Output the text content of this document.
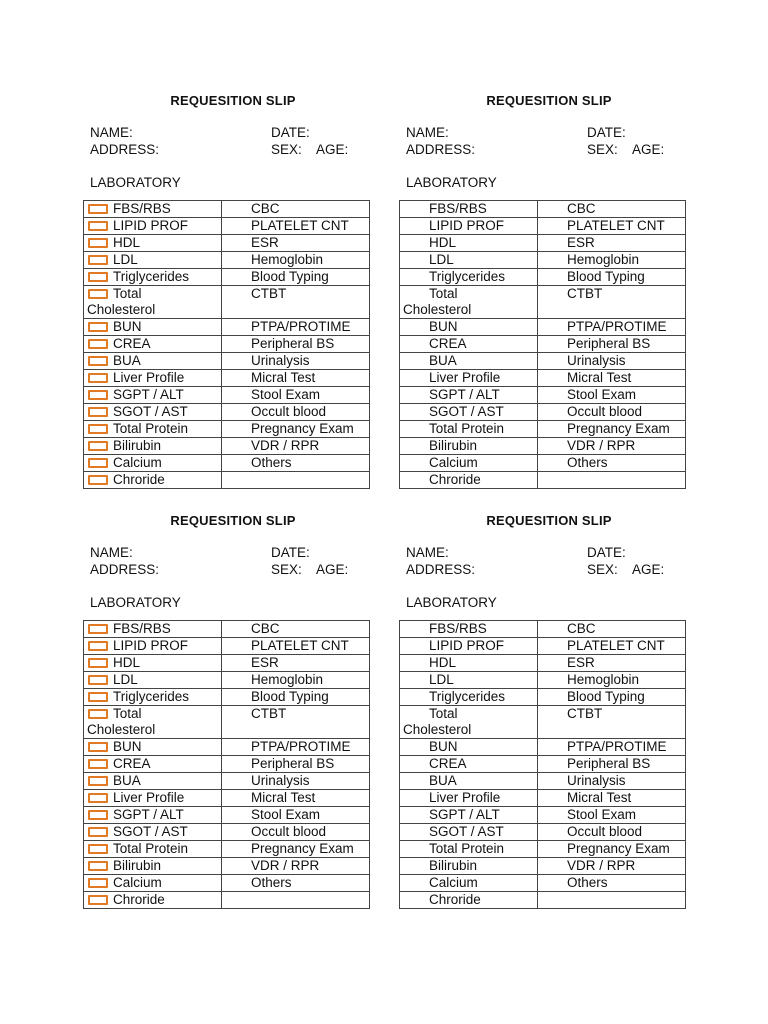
REQUESITION SLIP
NAME:
ADDRESS:
DATE:
SEX: AGE:
LABORATORY
FBS/RBS	CBC
LIPID PROF	PLATELET CNT
HDL	ESR
LDL	Hemoglobin
Triglycerides	Blood Typing
Total
Cholesterol	CTBT
BUN	PTPA/PROTIME
CREA	Peripheral BS
BUA	Urinalysis
Liver Profile	Micral Test
SGPT / ALT	Stool Exam
SGOT / AST	Occult blood
Total Protein	Pregnancy Exam
Bilirubin	VDR / RPR
Calcium	Others
Chroride	
REQUESITION SLIP
NAME:
ADDRESS:
DATE:
SEX: AGE:
LABORATORY
FBS/RBS	CBC
LIPID PROF	PLATELET CNT
HDL	ESR
LDL	Hemoglobin
Triglycerides	Blood Typing
Total
Cholesterol	CTBT
BUN	PTPA/PROTIME
CREA	Peripheral BS
BUA	Urinalysis
Liver Profile	Micral Test
SGPT / ALT	Stool Exam
SGOT / AST	Occult blood
Total Protein	Pregnancy Exam
Bilirubin	VDR / RPR
Calcium	Others
Chroride	
REQUESITION SLIP
NAME:
ADDRESS:
DATE:
SEX: AGE:
LABORATORY
FBS/RBS	CBC
LIPID PROF	PLATELET CNT
HDL	ESR
LDL	Hemoglobin
Triglycerides	Blood Typing
Total
Cholesterol	CTBT
BUN	PTPA/PROTIME
CREA	Peripheral BS
BUA	Urinalysis
Liver Profile	Micral Test
SGPT / ALT	Stool Exam
SGOT / AST	Occult blood
Total Protein	Pregnancy Exam
Bilirubin	VDR / RPR
Calcium	Others
Chroride	
REQUESITION SLIP
NAME:
ADDRESS:
DATE:
SEX: AGE:
LABORATORY
FBS/RBS	CBC
LIPID PROF	PLATELET CNT
HDL	ESR
LDL	Hemoglobin
Triglycerides	Blood Typing
Total
Cholesterol	CTBT
BUN	PTPA/PROTIME
CREA	Peripheral BS
BUA	Urinalysis
Liver Profile	Micral Test
SGPT / ALT	Stool Exam
SGOT / AST	Occult blood
Total Protein	Pregnancy Exam
Bilirubin	VDR / RPR
Calcium	Others
Chroride	
